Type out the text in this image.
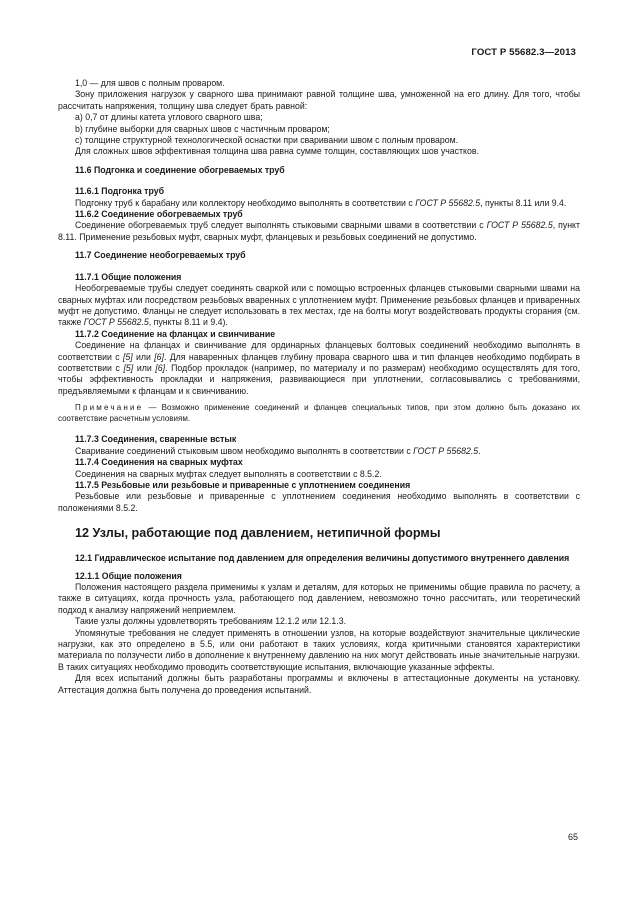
ГОСТ Р 55682.3—2013

1,0 — для швов с полным проваром.

Зону приложения нагрузок у сварного шва принимают равной толщине шва, умноженной на его длину. Для того, чтобы рассчитать напряжения, толщину шва следует брать равной:

а) 0,7 от длины катета углового сварного шва;

b) глубине выборки для сварных швов с частичным проваром;

с) толщине структурной технологической оснастки при сваривании швом с полным проваром.

Для сложных швов эффективная толщина шва равна сумме толщин, составляющих шов участков.

11.6 Подгонка и соединение обогреваемых труб

11.6.1 Подгонка труб

Подгонку труб к барабану или коллектору необходимо выполнять в соответствии с ГОСТ Р 55682.5, пункты 8.11 или 9.4.

11.6.2 Соединение обогреваемых труб

Соединение обогреваемых труб следует выполнять стыковыми сварными швами в соответствии с ГОСТ Р 55682.5, пункт 8.11. Применение резьбовых муфт, сварных муфт, фланцевых и резьбовых соединений не допустимо.

11.7 Соединение необогреваемых труб

11.7.1 Общие положения

Необогреваемые трубы следует соединять сваркой или с помощью встроенных фланцев стыковыми сварными швами на сварных муфтах или посредством резьбовых вваренных с уплотнением муфт. Применение резьбовых фланцев и приваренных муфт не допустимо. Фланцы не следует использовать в тех местах, где на болты могут воздействовать продукты сгорания (см. также ГОСТ Р 55682.5, пункты 8.11 и 9.4).

11.7.2 Соединение на фланцах и свинчивание

Соединение на фланцах и свинчивание для ординарных фланцевых болтовых соединений необходимо выполнять в соответствии с [5] или [6]. Для наваренных фланцев глубину провара сварного шва и тип фланцев необходимо подбирать в соответствии с [5] или [6]. Подбор прокладок (например, по материалу и по размерам) необходимо осуществлять для того, чтобы эффективность прокладки и напряжения, развивающиеся при уплотнении, согласовывались с требованиями, предъявляемыми к фланцам и к свинчиванию.

Примечание — Возможно применение соединений и фланцев специальных типов, при этом должно быть доказано их соответствие расчетным условиям.

11.7.3 Соединения, сваренные встык

Сваривание соединений стыковым швом необходимо выполнять в соответствии с ГОСТ Р 55682.5.

11.7.4 Соединения на сварных муфтах

Соединения на сварных муфтах следует выполнять в соответствии с 8.5.2.

11.7.5 Резьбовые или резьбовые и приваренные с уплотнением соединения

Резьбовые или резьбовые и приваренные с уплотнением соединения необходимо выполнять в соответствии с положениями 8.5.2.

12 Узлы, работающие под давлением, нетипичной формы

12.1 Гидравлическое испытание под давлением для определения величины допустимого внутреннего давления

12.1.1 Общие положения

Положения настоящего раздела применимы к узлам и деталям, для которых не применимы общие правила по расчету, а также в ситуациях, когда прочность узла, работающего под давлением, невозможно точно рассчитать, или теоретический подход к анализу напряжений неприемлем.

Такие узлы должны удовлетворять требованиям 12.1.2 или 12.1.3.

Упомянутые требования не следует применять в отношении узлов, на которые воздействуют значительные циклические нагрузки, как это определено в 5.5, или они работают в таких условиях, когда критичными становятся характеристики материала по ползучести либо в дополнение к внутреннему давлению на них могут действовать иные значительные нагрузки. В таких ситуациях необходимо проводить соответствующие испытания, включающие указанные эффекты.

Для всех испытаний должны быть разработаны программы и включены в аттестационные документы на установку. Аттестация должна быть получена до проведения испытаний.

65
